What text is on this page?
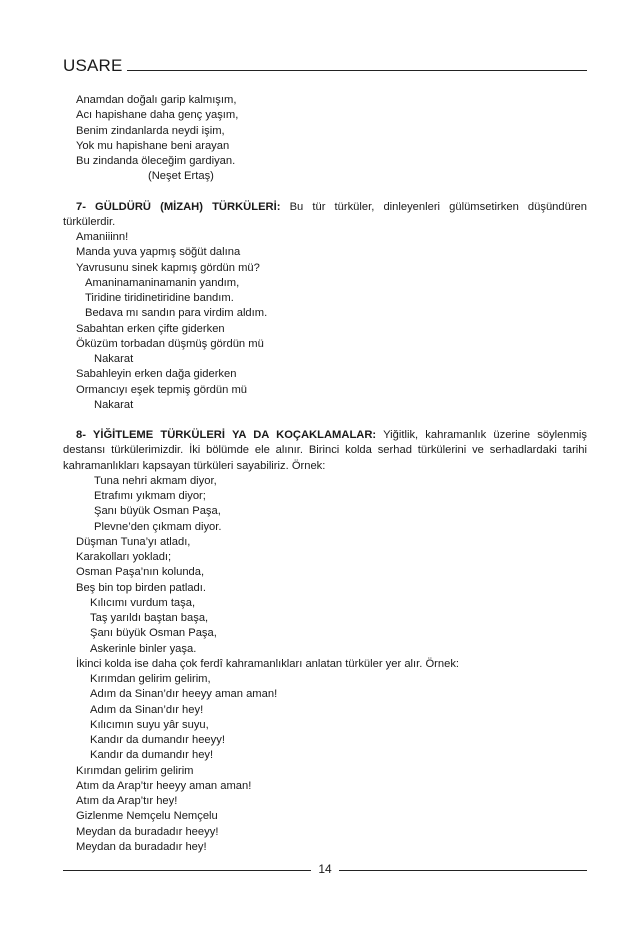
USARE
Anamdan doğalı garip kalmışım,
Acı hapishane daha genç yaşım,
Benim zindanlarda neydi işim,
Yok mu hapishane beni arayan
Bu zindanda öleceğim gardiyan.
(Neşet Ertaş)
7- GÜLDÜRÜ (MİZAH) TÜRKÜLERİ: Bu tür türküler, dinleyenleri gülümsetirken düşündüren türkülerdir.
Amaniiinn!
Manda yuva yapmış söğüt dalına
Yavrusunu sinek kapmış gördün mü?
Amaninamaninamanin yandım,
Tiridine tiridinetiridine bandım.
Bedava mı sandın para virdim aldım.
Sabahtan erken çifte giderken
Öküzüm torbadan düşmüş gördün mü
Nakarat
Sabahleyin erken dağa giderken
Ormancıyı eşek tepmiş gördün mü
Nakarat
8- YİĞİTLEME TÜRKÜLERİ YA DA KOÇAKLAMALAR: Yiğitlik, kahramanlık üzerine söylenmiş destansı türkülerimizdir. İki bölümde ele alınır. Birinci kolda serhad türkülerini ve serhadlardaki tarihi kahramanlıkları kapsayan türküleri sayabiliriz. Örnek:
Tuna nehri akmam diyor,
Etrafımı yıkmam diyor;
Şanı büyük Osman Paşa,
Plevne’den çıkmam diyor.
Düşman Tuna’yı atladı,
Karakolları yokladı;
Osman Paşa’nın kolunda,
Beş bin top birden patladı.
Kılıcımı vurdum taşa,
Taş yarıldı baştan başa,
Şanı büyük Osman Paşa,
Askerinle binler yaşa.
İkinci kolda ise daha çok ferdî kahramanlıkları anlatan türküler yer alır. Örnek:
Kırımdan gelirim gelirim,
Adım da Sinan’dır heeyy aman aman!
Adım da Sinan’dır hey!
Kılıcımın suyu yâr suyu,
Kandır da dumandır heeyy!
Kandır da dumandır hey!
Kırımdan gelirim gelirim
Atım da Arap’tır heeyy aman aman!
Atım da Arap’tır hey!
Gizlenme Nemçelu Nemçelu
Meydan da buradadır heeyy!
Meydan da buradadır hey!
14
